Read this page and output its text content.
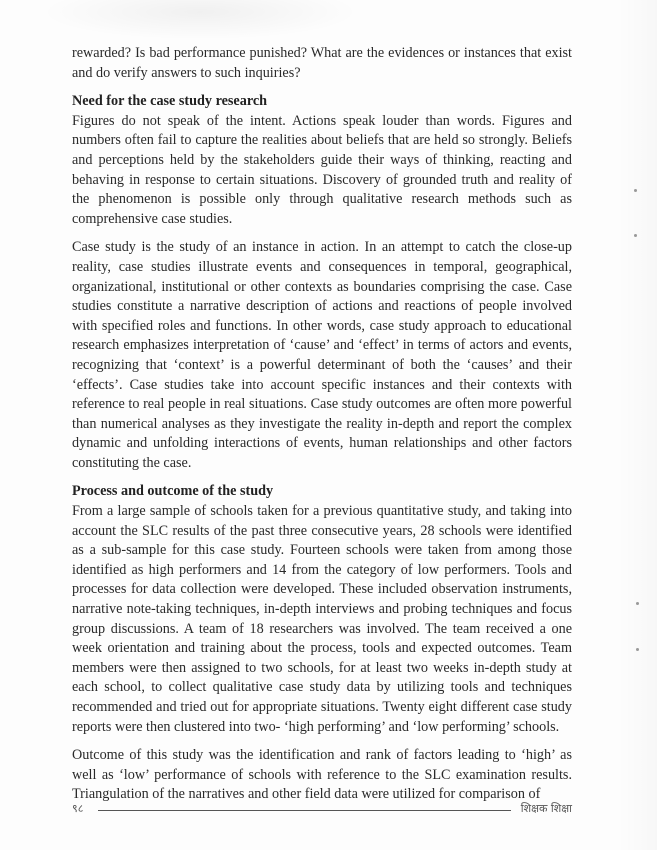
rewarded? Is bad performance punished? What are the evidences or instances that exist and do verify answers to such inquiries?

Need for the case study research

Figures do not speak of the intent. Actions speak louder than words. Figures and numbers often fail to capture the realities about beliefs that are held so strongly. Beliefs and perceptions held by the stakeholders guide their ways of thinking, reacting and behaving in response to certain situations. Discovery of grounded truth and reality of the phenomenon is possible only through qualitative research methods such as comprehensive case studies.

Case study is the study of an instance in action. In an attempt to catch the close-up reality, case studies illustrate events and consequences in temporal, geographical, organizational, institutional or other contexts as boundaries comprising the case. Case studies constitute a narrative description of actions and reactions of people involved with specified roles and functions. In other words, case study approach to educational research emphasizes interpretation of ‘cause’ and ‘effect’ in terms of actors and events, recognizing that ‘context’ is a powerful determinant of both the ‘causes’ and their ‘effects’. Case studies take into account specific instances and their contexts with reference to real people in real situations. Case study outcomes are often more powerful than numerical analyses as they investigate the reality in-depth and report the complex dynamic and unfolding interactions of events, human relationships and other factors constituting the case.

Process and outcome of the study

From a large sample of schools taken for a previous quantitative study, and taking into account the SLC results of the past three consecutive years, 28 schools were identified as a sub-sample for this case study. Fourteen schools were taken from among those identified as high performers and 14 from the category of low performers. Tools and processes for data collection were developed. These included observation instruments, narrative note-taking techniques, in-depth interviews and probing techniques and focus group discussions. A team of 18 researchers was involved. The team received a one week orientation and training about the process, tools and expected outcomes. Team members were then assigned to two schools, for at least two weeks in-depth study at each school, to collect qualitative case study data by utilizing tools and techniques recommended and tried out for appropriate situations. Twenty eight different case study reports were then clustered into two- ‘high performing’ and ‘low performing’ schools.

Outcome of this study was the identification and rank of factors leading to ‘high’ as well as ‘low’ performance of schools with reference to the SLC examination results. Triangulation of the narratives and other field data were utilized for comparison of

९८	शिक्षक शिक्षा
